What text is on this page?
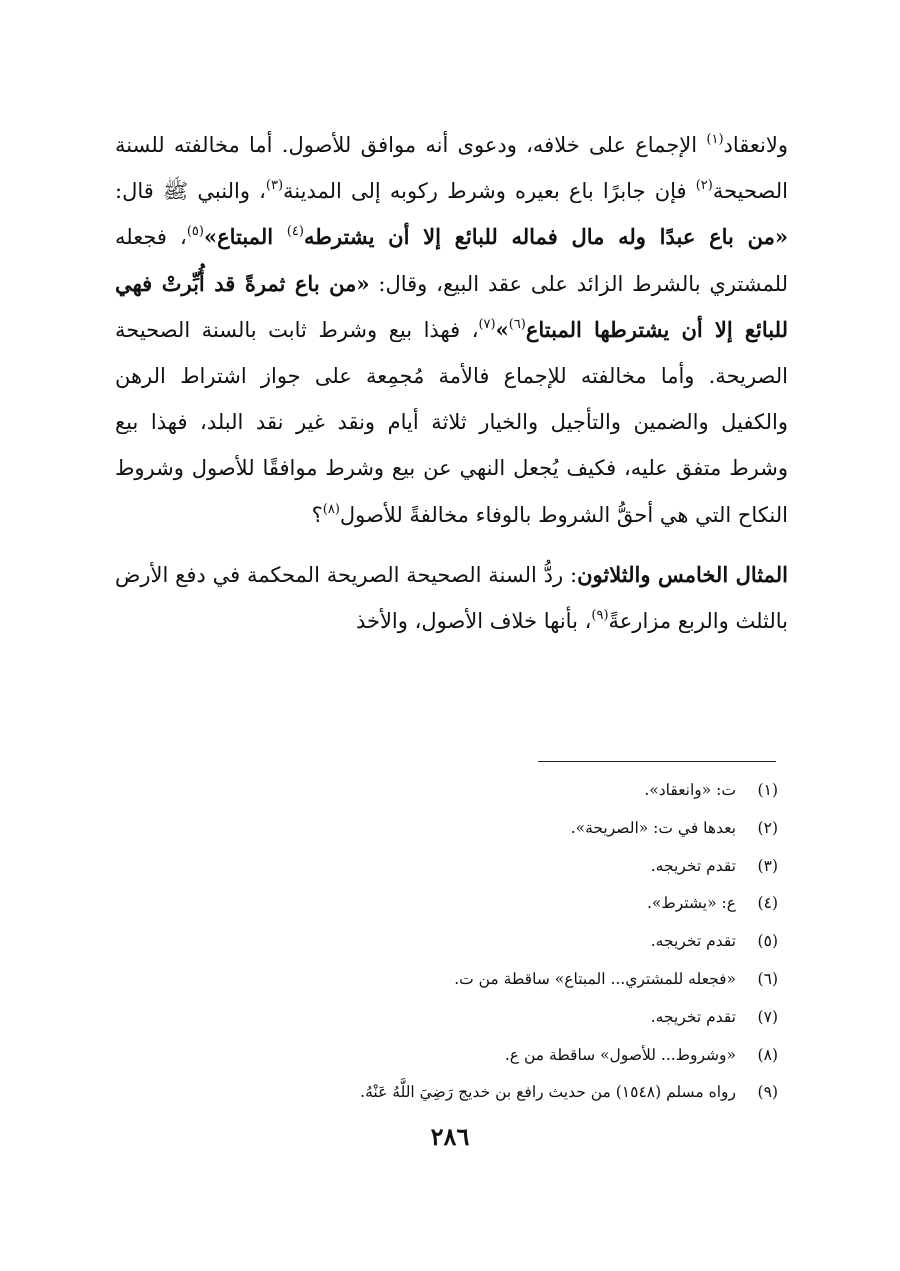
ولانعقاد$^{(١)}$ الإجماع على خلافه، ودعوى أنه موافق للأصول. أما مخالفته للسنة الصحيحة$^{(٢)}$ فإن جابرًا باع بعيره وشرط ركوبه إلى المدينة$^{(٣)}$، والنبي ﷺ قال: «من باع عبدًا وله مال فماله للبائع إلا أن يشترطه$^{(٤)}$ المبتاع»$^{(٥)}$، فجعله للمشتري بالشرط الزائد على عقد البيع، وقال: «من باع ثمرةً قد أُبِّرتْ فهي للبائع إلا أن يشترطها المبتاع$^{(٦)}$»$^{(٧)}$، فهذا بيع وشرط ثابت بالسنة الصحيحة الصريحة. وأما مخالفته للإجماع فالأمة مُجمِعة على جواز اشتراط الرهن والكفيل والضمين والتأجيل والخيار ثلاثة أيام ونقد غير نقد البلد، فهذا بيع وشرط متفق عليه، فكيف يُجعل النهي عن بيع وشرط موافقًا للأصول وشروط النكاح التي هي أحقُّ الشروط بالوفاء مخالفةً للأصول$^{(٨)}$؟

المثال الخامس والثلاثون: ردُّ السنة الصحيحة الصريحة المحكمة في دفع الأرض بالثلث والربع مزارعةً$^{(٩)}$، بأنها خلاف الأصول، والأخذ

(١)ت: «وانعقاد».
(٢)بعدها في ت: «الصريحة».
(٣)تقدم تخريجه.
(٤)ع: «يشترط».
(٥)تقدم تخريجه.
(٦)«فجعله للمشتري... المبتاع» ساقطة من ت.
(٧)تقدم تخريجه.
(٨)«وشروط... للأصول» ساقطة من ع.
(٩)رواه مسلم (١٥٤٨) من حديث رافع بن خديج رَضِيَ اللَّهُ عَنْهُ.
٢٨٦
